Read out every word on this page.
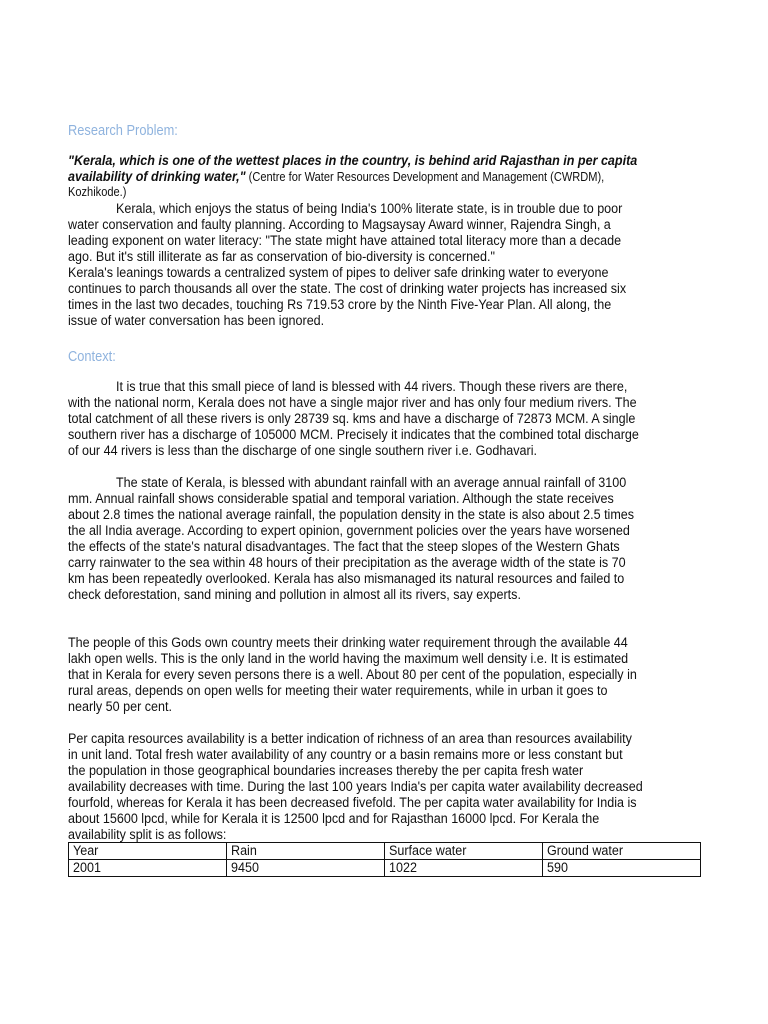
Research Problem:
"Kerala, which is one of the wettest places in the country, is behind arid Rajasthan in per capita
availability of drinking water," (Centre for Water Resources Development and Management (CWRDM),
Kozhikode.)
Kerala, which enjoys the status of being India's 100% literate state, is in trouble due to poor
water conservation and faulty planning. According to Magsaysay Award winner, Rajendra Singh, a
leading exponent on water literacy: "The state might have attained total literacy more than a decade
ago. But it's still illiterate as far as conservation of bio-diversity is concerned."
Kerala's leanings towards a centralized system of pipes to deliver safe drinking water to everyone
continues to parch thousands all over the state. The cost of drinking water projects has increased six
times in the last two decades, touching Rs 719.53 crore by the Ninth Five-Year Plan. All along, the
issue of water conversation has been ignored.
Context:
It is true that this small piece of land is blessed with 44 rivers. Though these rivers are there,
with the national norm, Kerala does not have a single major river and has only four medium rivers. The
total catchment of all these rivers is only 28739 sq. kms and have a discharge of 72873 MCM. A single
southern river has a discharge of 105000 MCM. Precisely it indicates that the combined total discharge
of our 44 rivers is less than the discharge of one single southern river i.e. Godhavari.
The state of Kerala, is blessed with abundant rainfall with an average annual rainfall of 3100
mm. Annual rainfall shows considerable spatial and temporal variation. Although the state receives
about 2.8 times the national average rainfall, the population density in the state is also about 2.5 times
the all India average. According to expert opinion, government policies over the years have worsened
the effects of the state's natural disadvantages. The fact that the steep slopes of the Western Ghats
carry rainwater to the sea within 48 hours of their precipitation as the average width of the state is 70
km has been repeatedly overlooked. Kerala has also mismanaged its natural resources and failed to
check deforestation, sand mining and pollution in almost all its rivers, say experts.
The people of this Gods own country meets their drinking water requirement through the available 44
lakh open wells. This is the only land in the world having the maximum well density i.e. It is estimated
that in Kerala for every seven persons there is a well. About 80 per cent of the population, especially in
rural areas, depends on open wells for meeting their water requirements, while in urban it goes to
nearly 50 per cent.
Per capita resources availability is a better indication of richness of an area than resources availability
in unit land. Total fresh water availability of any country or a basin remains more or less constant but
the population in those geographical boundaries increases thereby the per capita fresh water
availability decreases with time. During the last 100 years India's per capita water availability decreased
fourfold, whereas for Kerala it has been decreased fivefold. The per capita water availability for India is
about 15600 lpcd, while for Kerala it is 12500 lpcd and for Rajasthan 16000 lpcd. For Kerala the
availability split is as follows:
Year	Rain	Surface water	Ground water
2001	9450	1022	590
